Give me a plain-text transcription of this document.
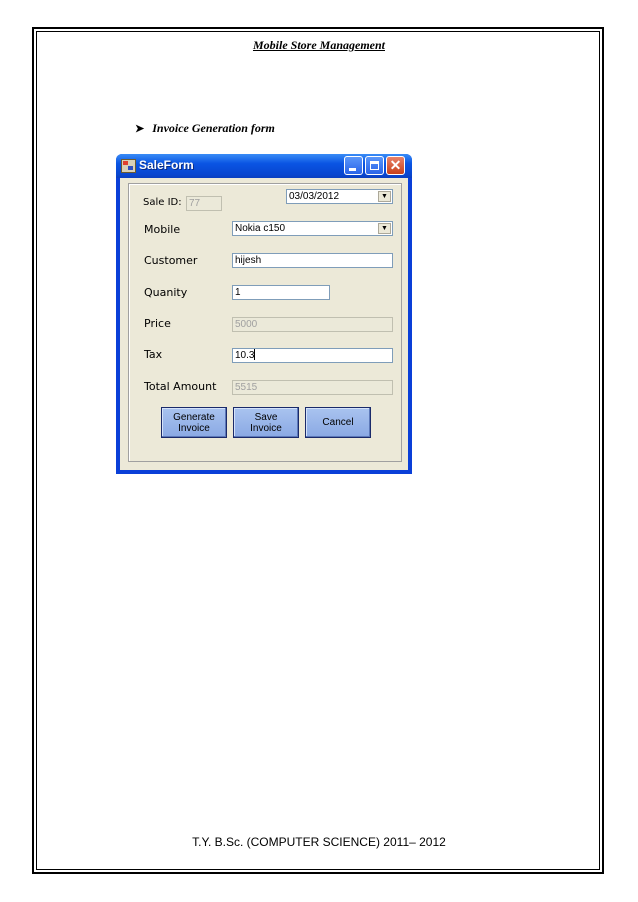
Mobile Store Management
➤ Invoice Generation form
SaleForm	✕
Sale ID: 77
03/03/2012	▼
Mobile	Nokia c150	▼
Customer	hijesh
Quanity	1
Price	5000
Tax	10.3
Total Amount	5515
Generate
Invoice
Save
Invoice	Cancel
T.Y. B.Sc. (COMPUTER SCIENCE) 2011– 2012
